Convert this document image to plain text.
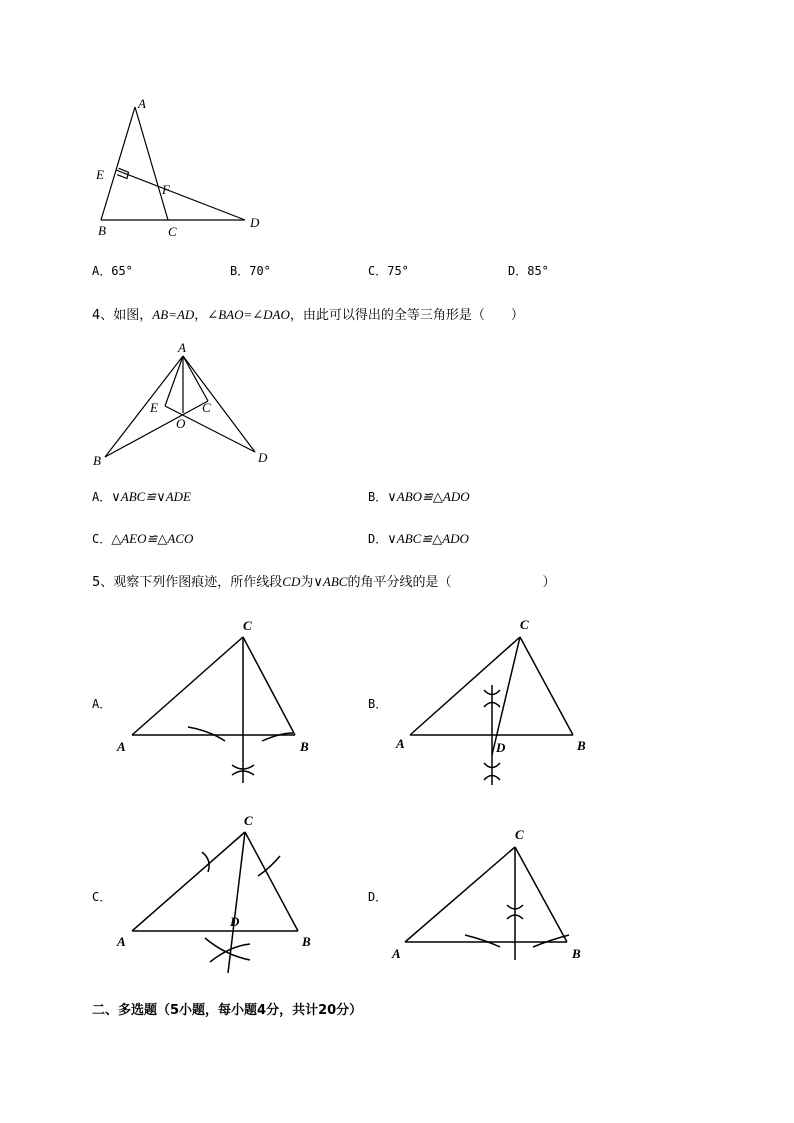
A
E
F
B	C
D
A．65°	B．70°	C．75°	D．85°
4、如图，AB=AD，∠BAO=∠DAO，由此可以得出的全等三角形是（　　）
A
E	C
O
B	D
A．∨ABC≌∨ADE	B．∨ABO≌△ADO
C．△AEO≌△ACO	D．∨ABC≌△ADO
5、观察下列作图痕迹，所作线段CD为∨ABC的角平分线的是（　　　　　　　）
A．	B．
C．	D．
C
A	B
C
A	B
D
C
A	B
D
C
A	B
二、多选题（5小题，每小题4分，共计20分）
